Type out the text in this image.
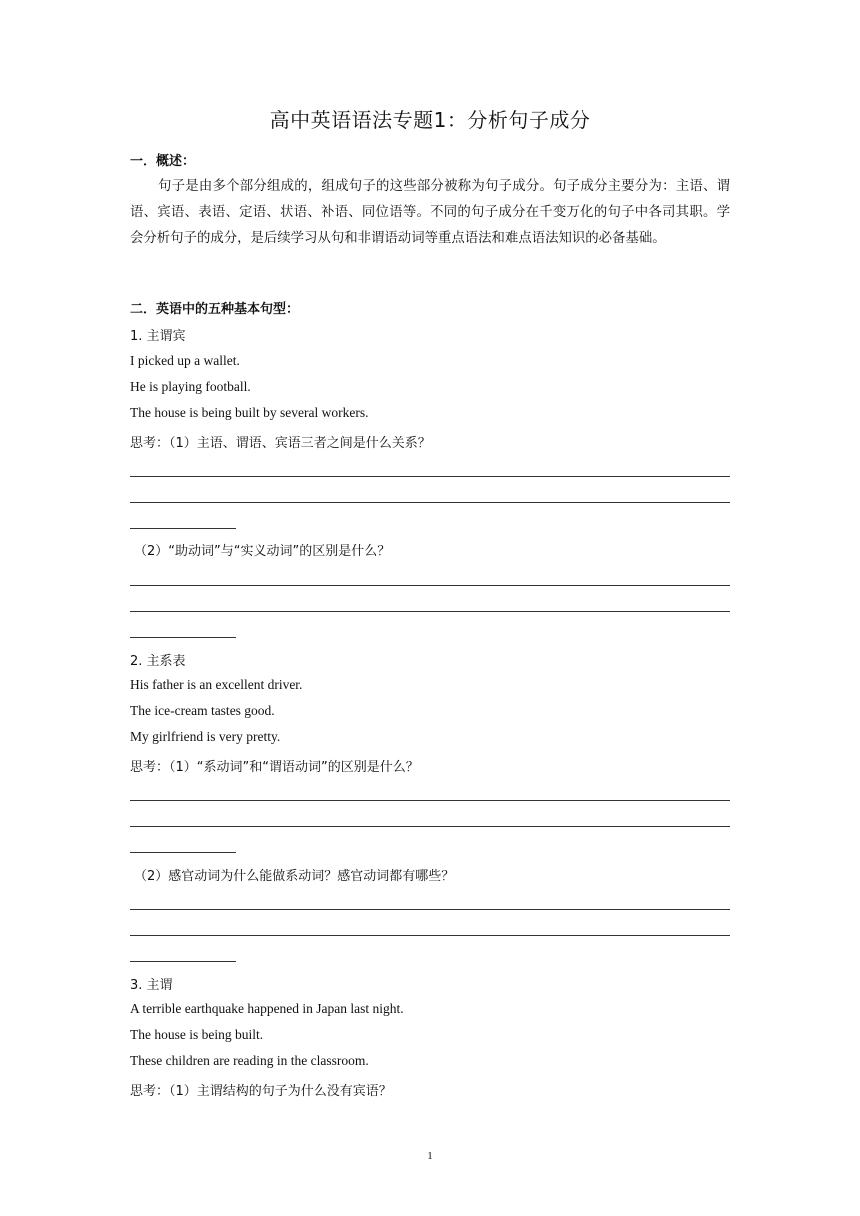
高中英语语法专题1：分析句子成分
一．概述：
句子是由多个部分组成的，组成句子的这些部分被称为句子成分。句子成分主要分为：主语、谓语、宾语、表语、定语、状语、补语、同位语等。不同的句子成分在千变万化的句子中各司其职。学会分析句子的成分，是后续学习从句和非谓语动词等重点语法和难点语法知识的必备基础。
二．英语中的五种基本句型：
1. 主谓宾
I picked up a wallet.
He is playing football.
The house is being built by several workers.
思考：（1）主语、谓语、宾语三者之间是什么关系？
（2）“助动词”与“实义动词”的区别是什么？
2. 主系表
His father is an excellent driver.
The ice-cream tastes good.
My girlfriend is very pretty.
思考：（1）“系动词”和“谓语动词”的区别是什么？
（2）感官动词为什么能做系动词？感官动词都有哪些？
3. 主谓
A terrible earthquake happened in Japan last night.
The house is being built.
These children are reading in the classroom.
思考：（1）主谓结构的句子为什么没有宾语？
1
